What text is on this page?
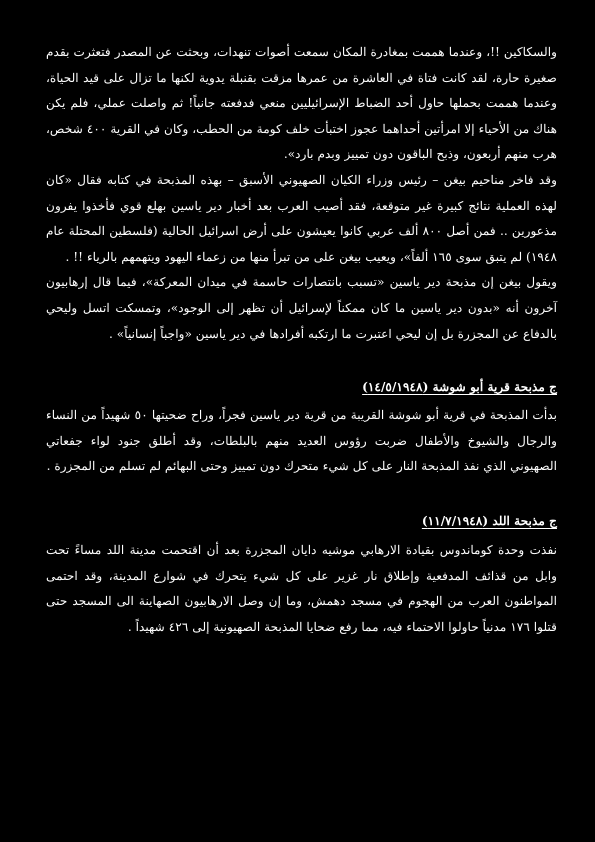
والسكاكين !!، وعندما هممت بمغادرة المكان سمعت أصوات تنهدات، وبحثت عن المصدر فتعثرت بقدم صغيرة حارة، لقد كانت فتاة في العاشرة من عمرها مزقت بقنبلة يدوية لكنها ما تزال على قيد الحياة، وعندما هممت بحملها حاول أحد الضباط الإسرائيليين منعي فدفعته جانباً! ثم واصلت عملي، فلم يكن هناك من الأحياء إلا امرأتين أحداهما عجوز اختبأت خلف كومة من الحطب، وكان في القرية ٤٠٠ شخص، هرب منهم أربعون، وذبح الباقون دون تمييز وبدم بارد».

وقد فاخر مناحيم بيغن – رئيس وزراء الكيان الصهيوني الأسبق – بهذه المذبحة في كتابه فقال «كان لهذه العملية نتائج كبيرة غير متوقعة، فقد أصيب العرب بعد أخبار دير ياسين بهلع قوي فأخذوا يفرون مذعورين .. فمن أصل ٨٠٠ ألف عربي كانوا يعيشون على أرض اسرائيل الحالية (فلسطين المحتلة عام ١٩٤٨) لم يتبق سوى ١٦٥ ألفاً»، ويعيب بيغن على من تبرأ منها من زعماء اليهود ويتهمهم بالرياء !! .

ويقول بيغن إن مذبحة دير ياسين «تسبب بانتصارات حاسمة في ميدان المعركة»، فيما قال إرهابيون آخرون أنه «بدون دير ياسين ما كان ممكناً لإسرائيل أن تظهر إلى الوجود»، وتمسكت اتسل وليحي بالدفاع عن المجزرة بل إن ليحي اعتبرت ما ارتكبه أفرادها في دير ياسين «واجباً إنسانياً» .

ج مذبحة قرية أبو شوشة (١٤/٥/١٩٤٨)

بدأت المذبحة في قرية أبو شوشة القريبة من قرية دير ياسين فجراً، وراح ضحيتها ٥٠ شهيداً من النساء والرجال والشيوخ والأطفال ضربت رؤوس العديد منهم بالبلطات، وقد أطلق جنود لواء جفعاتي الصهيوني الذي نفذ المذبحة النار على كل شيء متحرك دون تمييز وحتى البهائم لم تسلم من المجزرة .

ج مذبحة اللد (١١/٧/١٩٤٨)

نفذت وحدة كوماندوس بقيادة الارهابي موشيه دايان المجزرة بعد أن اقتحمت مدينة اللد مساءً تحت وابل من قذائف المدفعية وإطلاق نار غزير على كل شيء يتحرك في شوارع المدينة، وقد احتمى المواطنون العرب من الهجوم في مسجد دهمش، وما إن وصل الارهابيون الصهاينة الى المسجد حتى قتلوا ١٧٦ مدنياً حاولوا الاحتماء فيه، مما رفع ضحايا المذبحة الصهيونية إلى ٤٢٦ شهيداً .
